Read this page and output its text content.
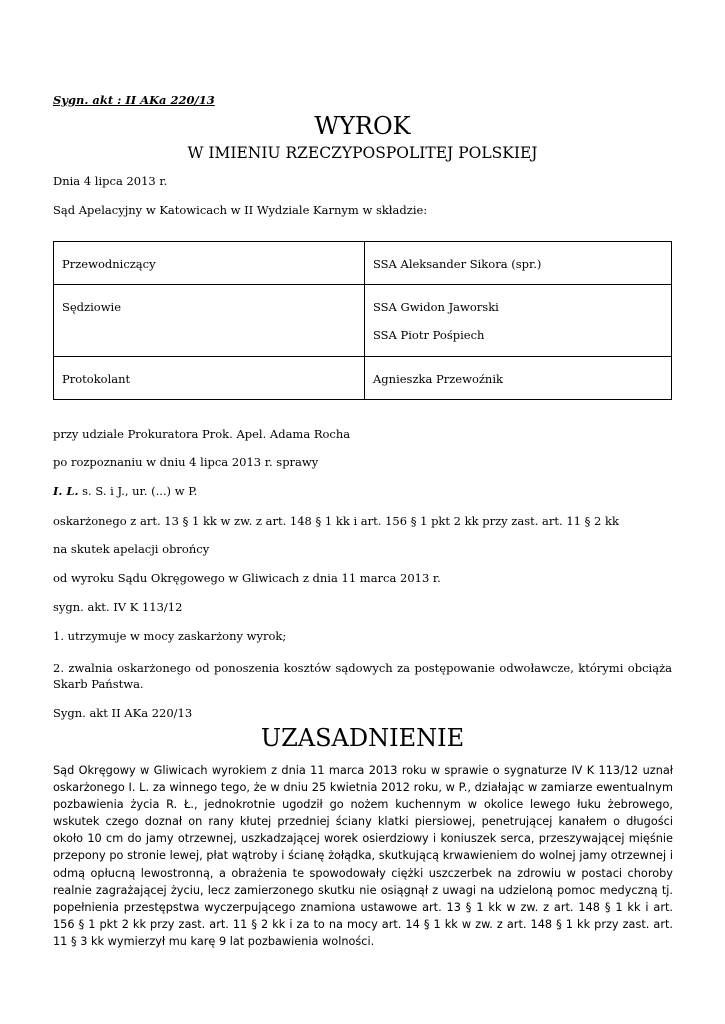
Sygn. akt : II AKa 220/13
WYROK
W IMIENIU RZECZYPOSPOLITEJ POLSKIEJ
Dnia 4 lipca 2013 r.
Sąd Apelacyjny w Katowicach w II Wydziale Karnym w składzie:
Przewodniczący	SSA Aleksander Sikora (spr.)

Sędziowie	SSA Gwidon Jaworski
SSA Piotr Pośpiech

Protokolant	Agnieszka Przewoźnik
przy udziale Prokuratora Prok. Apel. Adama Rocha
po rozpoznaniu w dniu 4 lipca 2013 r. sprawy
I. L. s. S. i J., ur. (...) w P.
oskarżonego z art. 13 § 1 kk w zw. z art. 148 § 1 kk i art. 156 § 1 pkt 2 kk przy zast. art. 11 § 2 kk
na skutek apelacji obrońcy
od wyroku Sądu Okręgowego w Gliwicach z dnia 11 marca 2013 r.
sygn. akt. IV K 113/12
1. utrzymuje w mocy zaskarżony wyrok;
2. zwalnia oskarżonego od ponoszenia kosztów sądowych za postępowanie odwoławcze, którymi obciąża Skarb Państwa.
Sygn. akt II AKa 220/13
UZASADNIENIE
Sąd Okręgowy w Gliwicach wyrokiem z dnia 11 marca 2013 roku w sprawie o sygnaturze IV K 113/12 uznał oskarżonego I. L. za winnego tego, że w dniu 25 kwietnia 2012 roku, w P., działając w zamiarze ewentualnym pozbawienia życia R. Ł., jednokrotnie ugodził go nożem kuchennym w okolice lewego łuku żebrowego, wskutek czego doznał on rany kłutej przedniej ściany klatki piersiowej, penetrującej kanałem o długości około 10 cm do jamy otrzewnej, uszkadzającej worek osierdziowy i koniuszek serca, przeszywającej mięśnie przepony po stronie lewej, płat wątroby i ścianę żołądka, skutkującą krwawieniem do wolnej jamy otrzewnej i odmą opłucną lewostronną, a obrażenia te spowodowały ciężki uszczerbek na zdrowiu w postaci choroby realnie zagrażającej życiu, lecz zamierzonego skutku nie osiągnął z uwagi na udzieloną pomoc medyczną tj. popełnienia przestępstwa wyczerpującego znamiona ustawowe art. 13 § 1 kk w zw. z art. 148 § 1 kk i art. 156 § 1 pkt 2 kk przy zast. art. 11 § 2 kk i za to na mocy art. 14 § 1 kk w zw. z art. 148 § 1 kk przy zast. art. 11 § 3 kk wymierzył mu karę 9 lat pozbawienia wolności.
